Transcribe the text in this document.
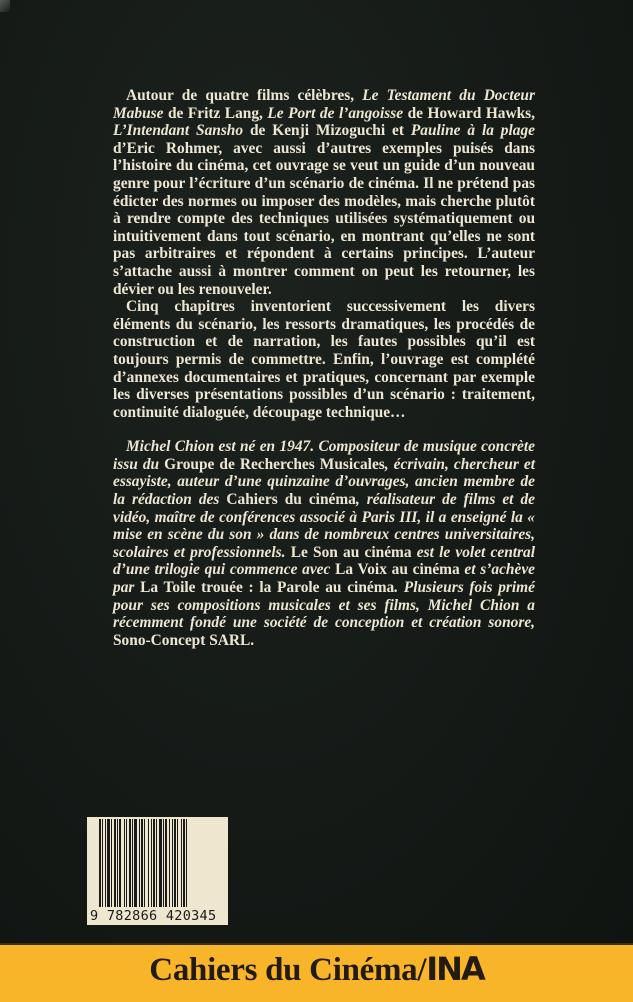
Autour de quatre films célèbres, Le Testament du Docteur Mabuse de Fritz Lang, Le Port de l’angoisse de Howard Hawks, L’Intendant Sansho de Kenji Mizoguchi et Pauline à la plage d’Eric Rohmer, avec aussi d’autres exemples puisés dans l’histoire du cinéma, cet ouvrage se veut un guide d’un nouveau genre pour l’écriture d’un scénario de cinéma. Il ne prétend pas édicter des normes ou imposer des modèles, mais cherche plutôt à rendre compte des techniques utilisées systématiquement ou intuitivement dans tout scénario, en montrant qu’elles ne sont pas arbitraires et répondent à certains principes. L’auteur s’attache aussi à montrer comment on peut les retourner, les dévier ou les renouveler.

Cinq chapitres inventorient successivement les divers éléments du scénario, les ressorts dramatiques, les procédés de construction et de narration, les fautes possibles qu’il est toujours permis de commettre. Enfin, l’ouvrage est complété d’annexes documentaires et pratiques, concernant par exemple les diverses présentations possibles d’un scénario : traitement, continuité dialoguée, découpage technique…

Michel Chion est né en 1947. Compositeur de musique concrète issu du Groupe de Recherches Musicales, écrivain, chercheur et essayiste, auteur d’une quinzaine d’ouvrages, ancien membre de la rédaction des Cahiers du cinéma, réalisateur de films et de vidéo, maître de conférences associé à Paris III, il a enseigné la « mise en scène du son » dans de nombreux centres universitaires, scolaires et professionnels. Le Son au cinéma est le volet central d’une trilogie qui commence avec La Voix au cinéma et s’achève par La Toile trouée : la Parole au cinéma. Plusieurs fois primé pour ses compositions musicales et ses films, Michel Chion a récemment fondé une société de conception et création sonore, Sono-Concept SARL.

9 782866 420345
Cahiers du Cinéma/INA
